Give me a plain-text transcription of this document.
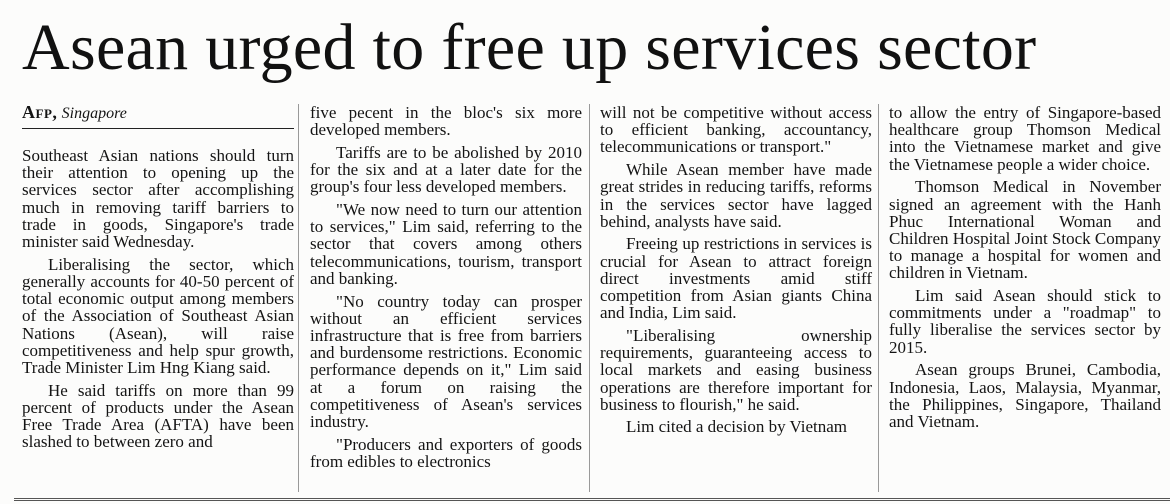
Asean urged to free up services sector
Afp, Singapore

Southeast Asian nations should turn their attention to opening up the services sector after accomplishing much in removing tariff barriers to trade in goods, Singapore's trade minister said Wednesday.

Liberalising the sector, which generally accounts for 40-50 percent of total economic output among members of the Association of Southeast Asian Nations (Asean), will raise competitiveness and help spur growth, Trade Minister Lim Hng Kiang said.

He said tariffs on more than 99 percent of products under the Asean Free Trade Area (AFTA) have been slashed to between zero and

five pecent in the bloc's six more developed members.

Tariffs are to be abolished by 2010 for the six and at a later date for the group's four less developed members.

"We now need to turn our attention to services," Lim said, referring to the sector that covers among others telecommunications, tourism, transport and banking.

"No country today can prosper without an efficient services infrastructure that is free from barriers and burdensome restrictions. Economic performance depends on it," Lim said at a forum on raising the competitiveness of Asean's services industry.

"Producers and exporters of goods from edibles to electronics

will not be competitive without access to efficient banking, accountancy, telecommunications or transport."

While Asean member have made great strides in reducing tariffs, reforms in the services sector have lagged behind, analysts have said.

Freeing up restrictions in services is crucial for Asean to attract foreign direct investments amid stiff competition from Asian giants China and India, Lim said.

"Liberalising ownership requirements, guaranteeing access to local markets and easing business operations are therefore important for business to flourish," he said.

Lim cited a decision by Vietnam

to allow the entry of Singapore-based healthcare group Thomson Medical into the Vietnamese market and give the Vietnamese people a wider choice.

Thomson Medical in November signed an agreement with the Hanh Phuc International Woman and Children Hospital Joint Stock Company to manage a hospital for women and children in Vietnam.

Lim said Asean should stick to commitments under a "roadmap" to fully liberalise the services sector by 2015.

Asean groups Brunei, Cambodia, Indonesia, Laos, Malaysia, Myanmar, the Philippines, Singapore, Thailand and Vietnam.
